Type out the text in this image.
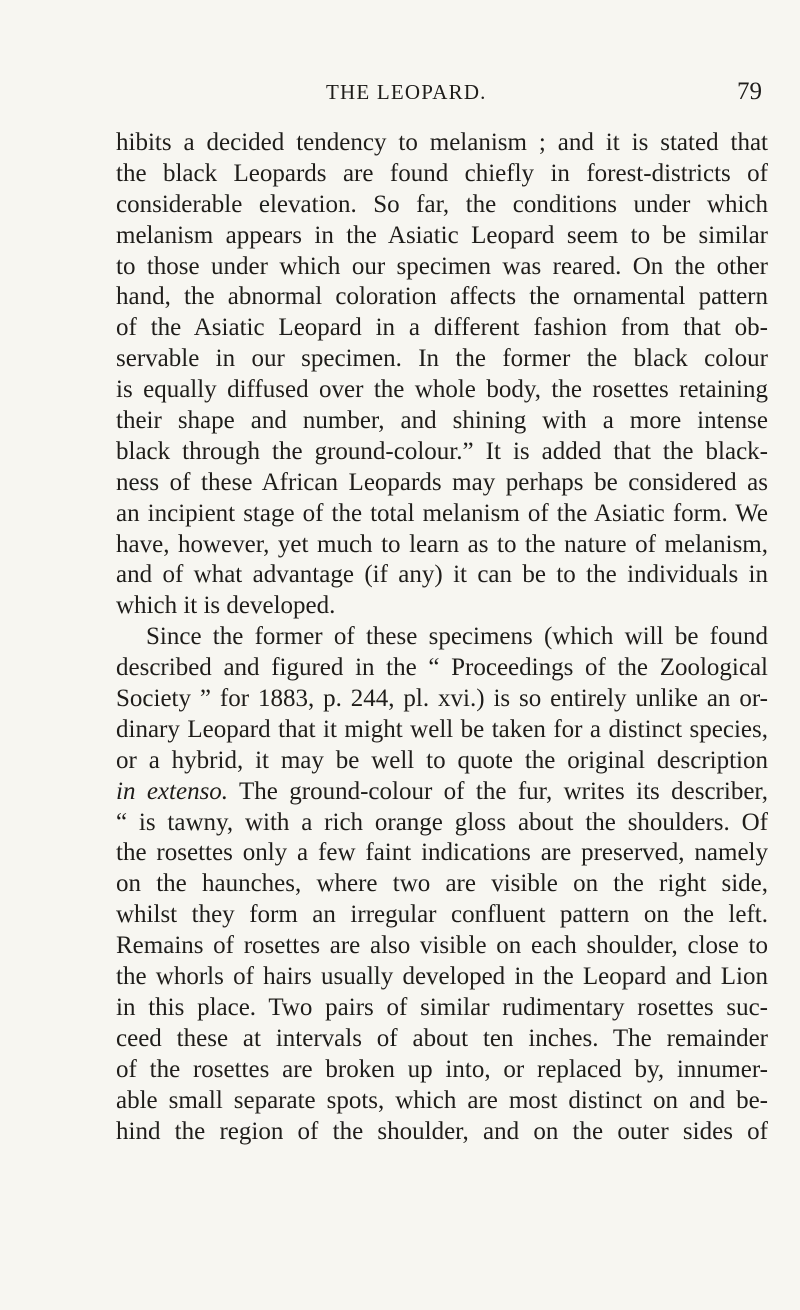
THE LEOPARD.	79
hibits a decided tendency to melanism ; and it is stated that
the black Leopards are found chiefly in forest-districts of
considerable elevation. So far, the conditions under which
melanism appears in the Asiatic Leopard seem to be similar
to those under which our specimen was reared. On the other
hand, the abnormal coloration affects the ornamental pattern
of the Asiatic Leopard in a different fashion from that ob-
servable in our specimen. In the former the black colour
is equally diffused over the whole body, the rosettes retaining
their shape and number, and shining with a more intense
black through the ground-colour.” It is added that the black-
ness of these African Leopards may perhaps be considered as
an incipient stage of the total melanism of the Asiatic form. We
have, however, yet much to learn as to the nature of melanism,
and of what advantage (if any) it can be to the individuals in
which it is developed.
Since the former of these specimens (which will be found
described and figured in the “ Proceedings of the Zoological
Society ” for 1883, p. 244, pl. xvi.) is so entirely unlike an or-
dinary Leopard that it might well be taken for a distinct species,
or a hybrid, it may be well to quote the original description
in extenso. The ground-colour of the fur, writes its describer,
“ is tawny, with a rich orange gloss about the shoulders. Of
the rosettes only a few faint indications are preserved, namely
on the haunches, where two are visible on the right side,
whilst they form an irregular confluent pattern on the left.
Remains of rosettes are also visible on each shoulder, close to
the whorls of hairs usually developed in the Leopard and Lion
in this place. Two pairs of similar rudimentary rosettes suc-
ceed these at intervals of about ten inches. The remainder
of the rosettes are broken up into, or replaced by, innumer-
able small separate spots, which are most distinct on and be-
hind the region of the shoulder, and on the outer sides of
